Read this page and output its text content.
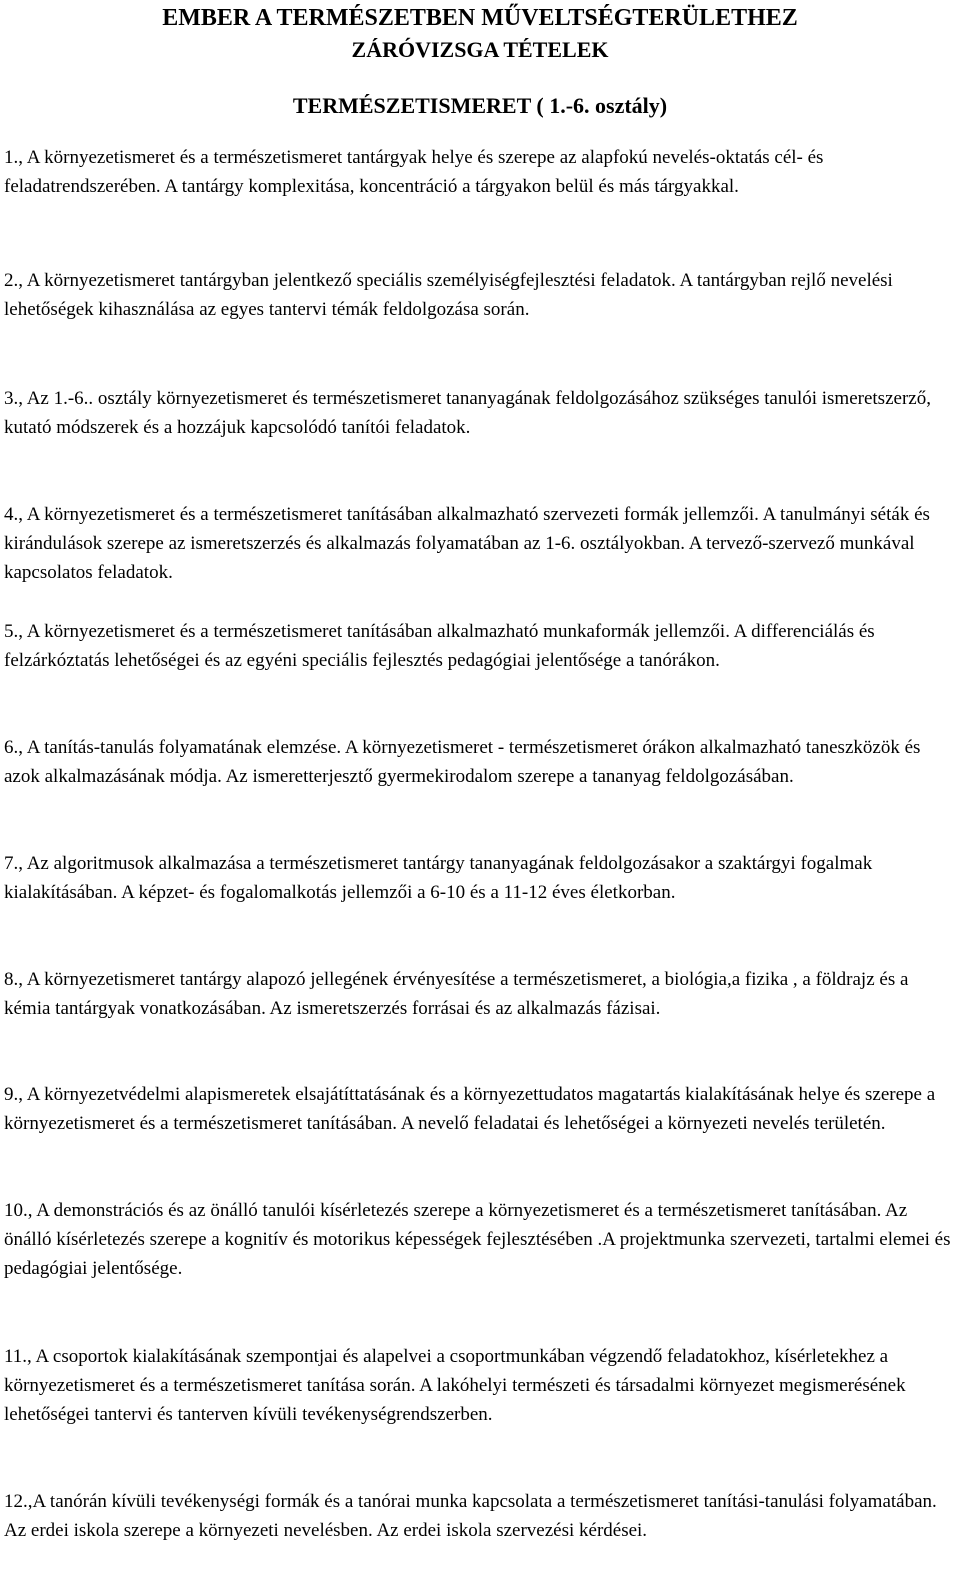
EMBER A TERMÉSZETBEN MŰVELTSÉGTERÜLETHEZ
ZÁRÓVIZSGA TÉTELEK
TERMÉSZETISMERET ( 1.-6. osztály)

1., A környezetismeret és a természetismeret tantárgyak helye és szerepe az alapfokú nevelés-oktatás cél- és feladatrendszerében. A tantárgy komplexitása, koncentráció a tárgyakon belül és más tárgyakkal.

2., A környezetismeret tantárgyban jelentkező speciális személyiségfejlesztési feladatok. A tantárgyban rejlő nevelési lehetőségek kihasználása az egyes tantervi témák feldolgozása során.

3., Az 1.-6.. osztály környezetismeret és természetismeret tananyagának feldolgozásához szükséges tanulói ismeretszerző, kutató módszerek és a hozzájuk kapcsolódó tanítói feladatok.

4., A környezetismeret és a természetismeret tanításában alkalmazható szervezeti formák jellemzői. A tanulmányi séták és kirándulások szerepe az ismeretszerzés és alkalmazás folyamatában az 1-6. osztályokban. A tervező-szervező munkával kapcsolatos feladatok.

5., A környezetismeret és a természetismeret tanításában alkalmazható munkaformák jellemzői. A differenciálás és felzárkóztatás lehetőségei és az egyéni speciális fejlesztés pedagógiai jelentősége a tanórákon.

6., A tanítás-tanulás folyamatának elemzése. A környezetismeret - természetismeret órákon alkalmazható taneszközök és azok alkalmazásának módja. Az ismeretterjesztő gyermekirodalom szerepe a tananyag feldolgozásában.

7., Az algoritmusok alkalmazása a természetismeret tantárgy tananyagának feldolgozásakor a szaktárgyi fogalmak kialakításában. A képzet- és fogalomalkotás jellemzői a 6-10 és a 11-12 éves életkorban.

8., A környezetismeret tantárgy alapozó jellegének érvényesítése a természetismeret, a biológia,a fizika , a földrajz és a kémia tantárgyak vonatkozásában. Az ismeretszerzés forrásai és az alkalmazás fázisai.

9., A környezetvédelmi alapismeretek elsajátíttatásának és a környezettudatos magatartás kialakításának helye és szerepe a környezetismeret és a természetismeret tanításában. A nevelő feladatai és lehetőségei a környezeti nevelés területén.

10., A demonstrációs és az önálló tanulói kísérletezés szerepe a környezetismeret és a természetismeret tanításában. Az önálló kísérletezés szerepe a kognitív és motorikus képességek fejlesztésében .A projektmunka szervezeti, tartalmi elemei és pedagógiai jelentősége.

11., A csoportok kialakításának szempontjai és alapelvei a csoportmunkában végzendő feladatokhoz, kísérletekhez a környezetismeret és a természetismeret tanítása során. A lakóhelyi természeti és társadalmi környezet megismerésének lehetőségei tantervi és tanterven kívüli tevékenységrendszerben.

12.,A tanórán kívüli tevékenységi formák és a tanórai munka kapcsolata a természetismeret tanítási-tanulási folyamatában. Az erdei iskola szerepe a környezeti nevelésben. Az erdei iskola szervezési kérdései.
